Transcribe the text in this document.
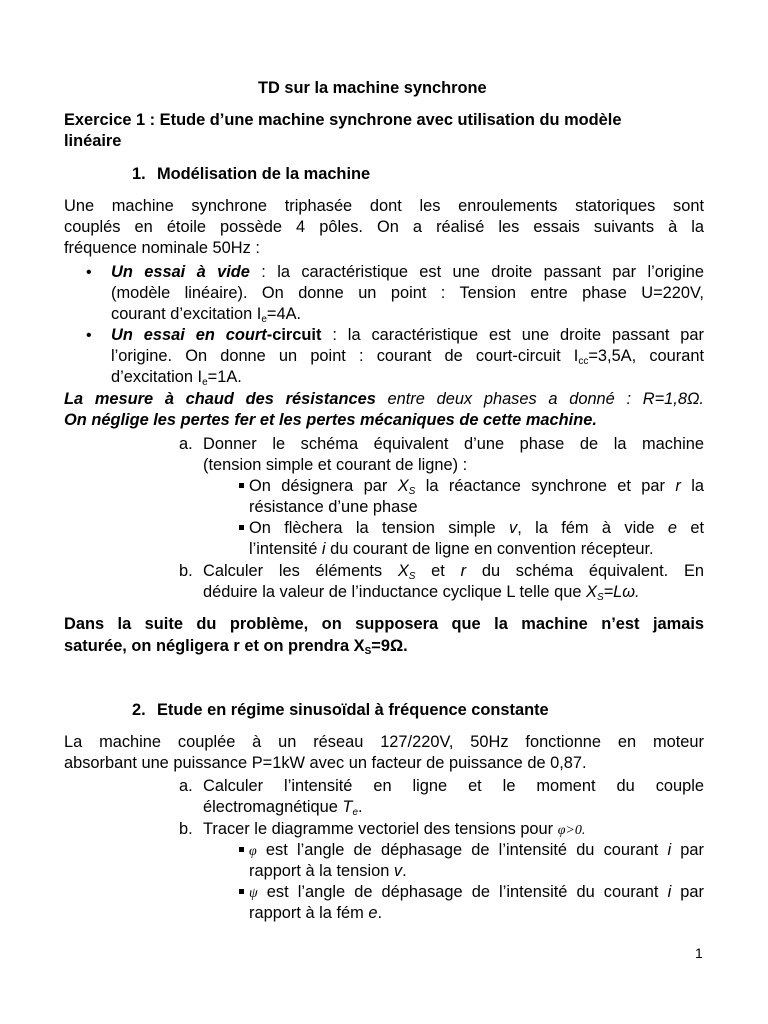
TD sur la machine synchrone
Exercice 1 : Etude d’une machine synchrone avec utilisation du modèle
linéaire
1. Modélisation de la machine
Une machine synchrone triphasée dont les enroulements statoriques sont
couplés en étoile possède 4 pôles. On a réalisé les essais suivants à la
fréquence nominale 50Hz :
• Un essai à vide : la caractéristique est une droite passant par l’origine
(modèle linéaire). On donne un point : Tension entre phase U=220V,
courant d’excitation $I_e=4A$.
• Un essai en court-circuit : la caractéristique est une droite passant par
l’origine. On donne un point : courant de court-circuit $I_{cc}=3,5A$, courant
d’excitation $I_e=1A$.
La mesure à chaud des résistances entre deux phases a donné : R=1,8Ω.
On néglige les pertes fer et les pertes mécaniques de cette machine.
a. Donner le schéma équivalent d’une phase de la machine
(tension simple et courant de ligne) :
On désignera par $X_S$ la réactance synchrone et par r la
résistance d’une phase
On flèchera la tension simple v, la fém à vide e et
l’intensité i du courant de ligne en convention récepteur.
b. Calculer les éléments $X_S$ et r du schéma équivalent. En
déduire la valeur de l’inductance cyclique L telle que $X_S=L\omega$.
Dans la suite du problème, on supposera que la machine n’est jamais
saturée, on négligera r et on prendra $X_S=9\Omega$.
2. Etude en régime sinusoïdal à fréquence constante
La machine couplée à un réseau 127/220V, 50Hz fonctionne en moteur
absorbant une puissance P=1kW avec un facteur de puissance de 0,87.
a. Calculer l’intensité en ligne et le moment du couple
électromagnétique $T_e$.
b. Tracer le diagramme vectoriel des tensions pour φ>0.
φ est l’angle de déphasage de l’intensité du courant i par
rapport à la tension v.
ψ est l’angle de déphasage de l’intensité du courant i par
rapport à la fém e.
1
